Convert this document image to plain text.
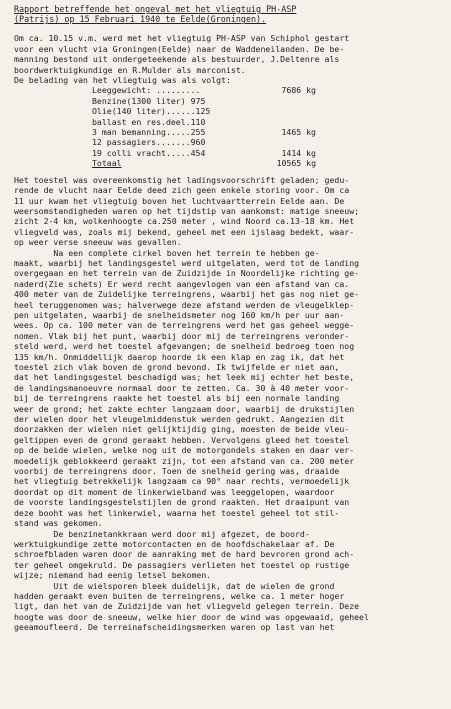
Rapport betreffende het ongeval met het vliegtuig PH-ASP
(Patrijs) op 15 Februari 1940 te Eelde(Groningen).
Om ca. 10.15 v.m. werd met het vliegtuig PH-ASP van Schiphol gestart
voor een vlucht via Groningen(Eelde) naar de Waddeneilanden. De be-
manning bestond uit ondergeteekende als bestuurder, J.Deltenre als
boordwerktuigkundige en R.Mulder als marconist.
De belading van het vliegtuig was als volgt:
Leeggewicht: .........	7686 kg
Benzine(1300 liter) 975
Olie(140 liter)......125
ballast en res.deel.110
3 man bemanning.....255	1465 kg
12 passagiers.......960
19 colli vracht.....454	1414 kg
Totaal	10565 kg
Het toestel was overeenkomstig het ladingsvoorschrift geladen; gedu-
rende de vlucht naar Eelde deed zich geen enkele storing voor. Om ca
11 uur kwam het vliegtuig boven het luchtvaartterrein Eelde aan. De
weersomstandigheden waren op het tijdstip van aankomst: matige sneeuw;
zicht 2-4 km, wolkenhoogte ca.250 meter , wind Noord ca.13-18 km. Het
vliegveld was, zoals mij bekend, geheel met een ijslaag bedekt, waar-
op weer verse sneeuw was gevallen.
Na een complete cirkel boven het terrein te hebben ge-
maakt, waarbij het landingsgestel werd uitgelaten, werd tot de landing
overgegaan en het terrein van de Zuidzijde in Noordelijke richting ge-
naderd(Zie schets) Er werd recht aangevlogen van een afstand van ca.
400 meter van de Zuidelijke terreingrens, waarbij het gas nog niet ge-
heel teruggenomen was; halverwege deze afstand werden de vleugelklep-
pen uitgelaten, waarbij de snelheidsmeter nog 160 km/h per uur aan-
wees. Op ca. 100 meter van de terreingrens werd het gas geheel wegge-
nomen. Vlak bij het punt, waarbij door mij de terreingrens veronder-
steld werd, werd het toestel afgevangen; de snelheid bedroeg toen nog
135 km/h. Onmiddellijk daarop hoorde ik een klap en zag ik, dat het
toestel zich vlak boven de grond bevond. Ik twijfelde er niet aan,
dat het landingsgestel beschadigd was; het leek mij echter het beste,
de landingsmanoeuvre normaal door te zetten. Ca. 30 à 40 meter voor-
bij de terreingrens raakte het toestel als bij een normale landing
weer de grond; het zakte echter langzaam door, waarbij de drukstijlen
der wielen door het vleugelmiddenstuk werden gedrukt. Aangezien dit
doorzakken der wielen niet gelijktijdig ging, moesten de beide vleu-
geltippen even de grond geraakt hebben. Vervolgens gleed het toestel
op de beide wielen, welke nog uit de motorgondels staken en daar ver-
moedelijk geblokkeerd geraakt zijn, tot een afstand van ca. 200 meter
voorbij de terreingrens door. Toen de snelheid gering was, draaide
het vliegtuig betrekkelijk langzaam ca 90° naar rechts, vermoedelijk
doordat op dit moment de linkerwielband was leeggelopen, waardoor
de voorste landingsgestelstijlen de grond raakten. Het draaipunt van
deze booht was het linkerwiel, waarna het toestel geheel tot stil-
stand was gekomen.
De benzinetankkraan werd door mij afgezet, de boord-
werktuigkundige zette motorcontacten en de hoofdschakelaar af. De
schroefbladen waren door de aanraking met de hard bevroren grond ach-
ter geheel omgekruld. De passagiers verlieten het toestel op rustige
wijze; niemand had eenig letsel bekomen.
Uit de wielsporen bleek duidelijk, dat de wielen de grond
hadden geraakt even buiten de terreingrens, welke ca. 1 meter hoger
ligt, dan het van de Zuidzijde van het vliegveld gelegen terrein. Deze
hoogte was door de sneeuw, welke hier door de wind was opgewaaid, geheel
geeamoufleerd. De terreinafscheidingsmerken waren op last van het
